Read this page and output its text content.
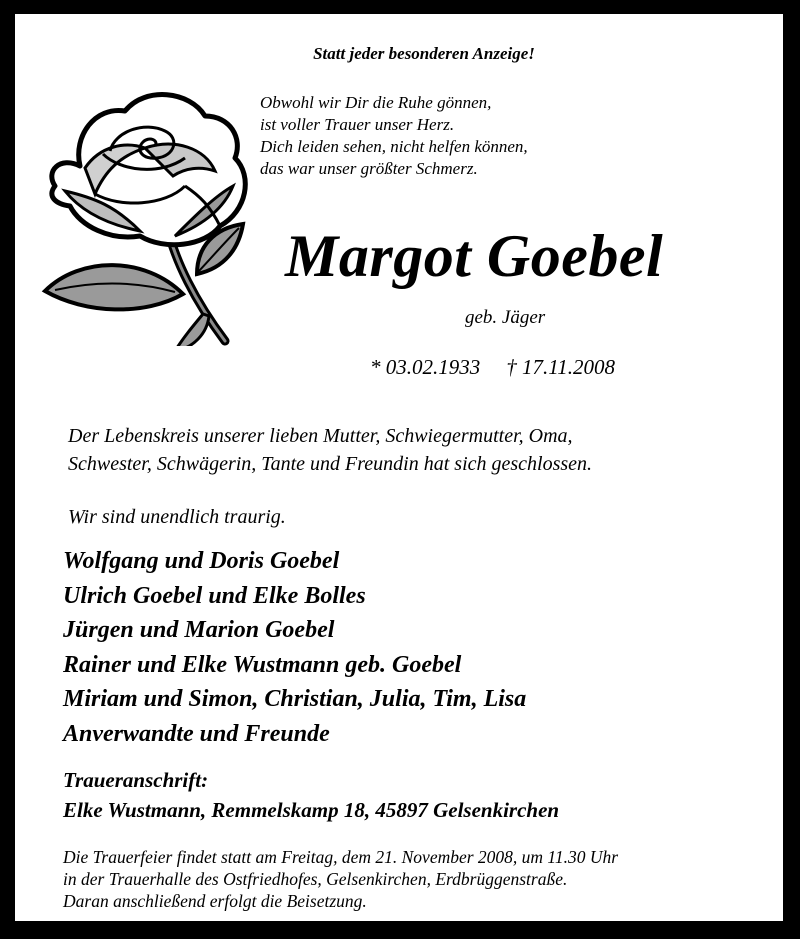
Statt jeder besonderen Anzeige!
Obwohl wir Dir die Ruhe gönnen,
ist voller Trauer unser Herz.
Dich leiden sehen, nicht helfen können,
das war unser größter Schmerz.
Margot Goebel
geb. Jäger
* 03.02.1933 † 17.11.2008
Der Lebenskreis unserer lieben Mutter, Schwiegermutter, Oma,
Schwester, Schwägerin, Tante und Freundin hat sich geschlossen.
Wir sind unendlich traurig.
Wolfgang und Doris Goebel
Ulrich Goebel und Elke Bolles
Jürgen und Marion Goebel
Rainer und Elke Wustmann geb. Goebel
Miriam und Simon, Christian, Julia, Tim, Lisa
Anverwandte und Freunde
Traueranschrift:
Elke Wustmann, Remmelskamp 18, 45897 Gelsenkirchen
Die Trauerfeier findet statt am Freitag, dem 21. November 2008, um 11.30 Uhr
in der Trauerhalle des Ostfriedhofes, Gelsenkirchen, Erdbrüggenstraße.
Daran anschließend erfolgt die Beisetzung.
